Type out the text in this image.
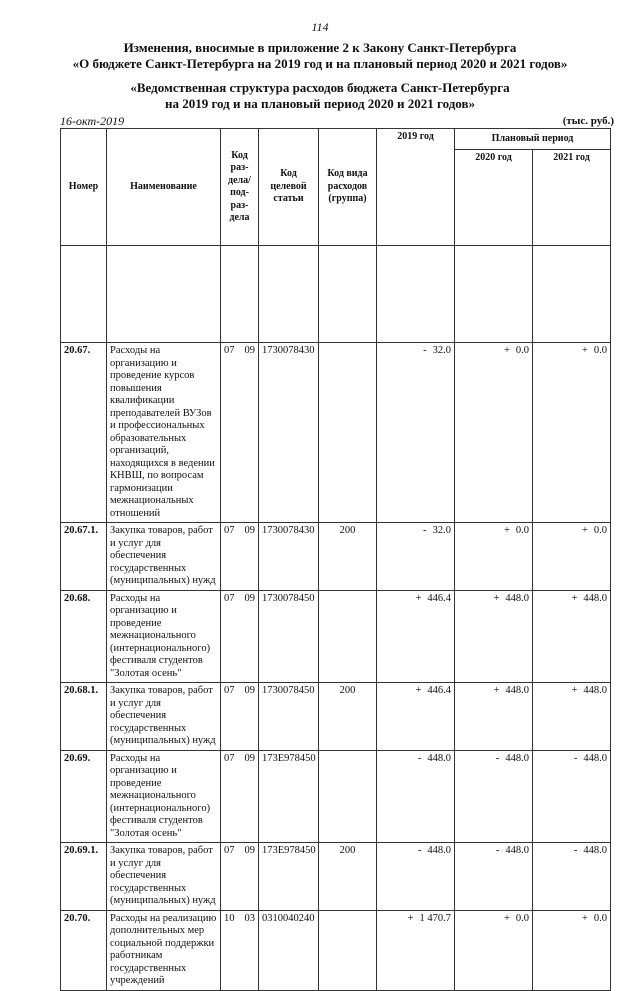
114
Изменения, вносимые в приложение 2 к Закону Санкт-Петербурга
«О бюджете Санкт-Петербурга на 2019 год и на плановый период 2020 и 2021 годов»
«Ведомственная структура расходов бюджета Санкт-Петербурга
на 2019 год и на плановый период 2020 и 2021 годов»
16-окт-2019	(тыс. руб.)
Номер	Наименование	Код раз-дела/ под-раз-дела	Код целевой статьи	Код вида расходов (группа)	2019 год	Плановый период	
						2020 год	2021 год

20.67.	Расходы на организацию и проведение курсов повышения квалификации преподавателей ВУЗов и профессиональных образовательных организаций, находящихся в ведении КНВШ, по вопросам гармонизации межнациональных отношений	07 09	1730078430		- 32.0	+ 0.0	+ 0.0
20.67.1.	Закупка товаров, работ и услуг для обеспечения государственных (муниципальных) нужд	07 09	1730078430	200	- 32.0	+ 0.0	+ 0.0
20.68.	Расходы на организацию и проведение межнационального (интернационального) фестиваля студентов "Золотая осень"	07 09	1730078450		+ 446.4	+ 448.0	+ 448.0
20.68.1.	Закупка товаров, работ и услуг для обеспечения государственных (муниципальных) нужд	07 09	1730078450	200	+ 446.4	+ 448.0	+ 448.0
20.69.	Расходы на организацию и проведение межнационального (интернационального) фестиваля студентов "Золотая осень"	07 09	173E978450		- 448.0	- 448.0	- 448.0
20.69.1.	Закупка товаров, работ и услуг для обеспечения государственных (муниципальных) нужд	07 09	173E978450	200	- 448.0	- 448.0	- 448.0
20.70.	Расходы на реализацию дополнительных мер социальной поддержки работникам государственных учреждений	10 03	0310040240		+ 1 470.7	+ 0.0	+ 0.0
